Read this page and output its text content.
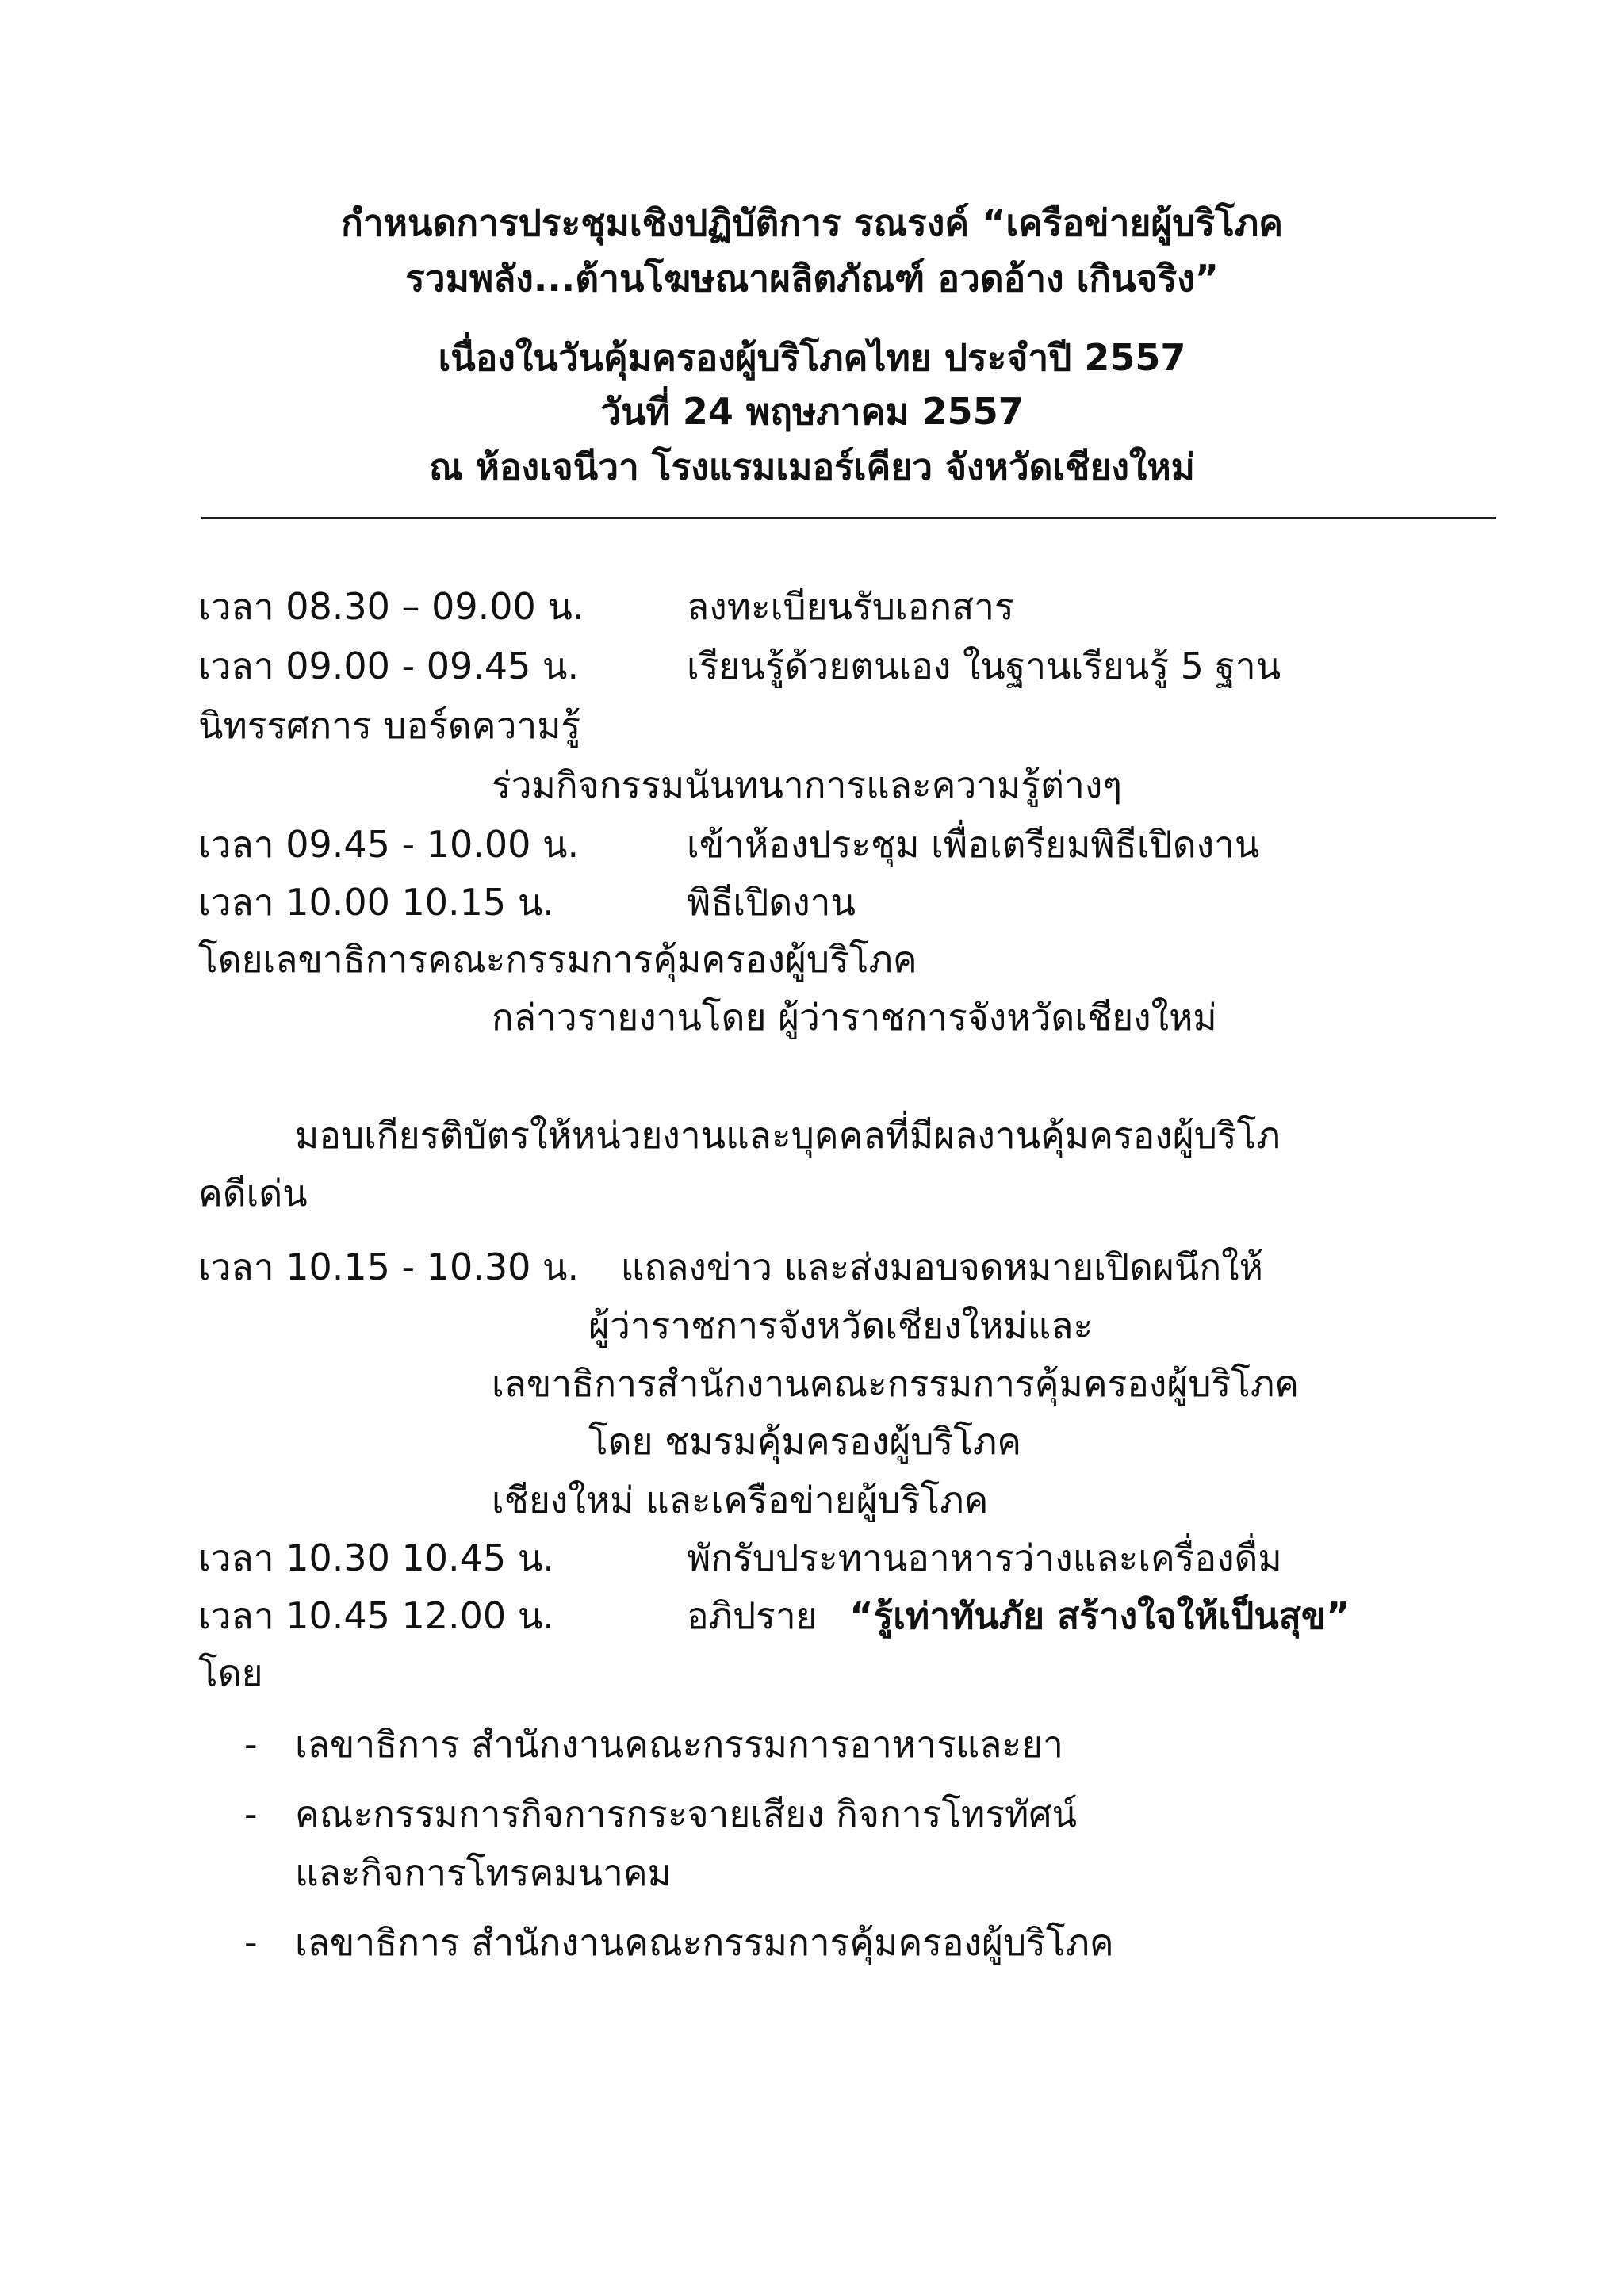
กำหนดการประชุมเชิงปฏิบัติการ รณรงค์ “เครือข่ายผู้บริโภค
รวมพลัง...ต้านโฆษณาผลิตภัณฑ์ อวดอ้าง เกินจริง”
เนื่องในวันคุ้มครองผู้บริโภคไทย ประจำปี 2557
วันที่ 24 พฤษภาคม 2557
ณ ห้องเจนีวา โรงแรมเมอร์เคียว จังหวัดเชียงใหม่
เวลา 08.30 – 09.00 น.	ลงทะเบียนรับเอกสาร
เวลา 09.00 - 09.45 น.	เรียนรู้ด้วยตนเอง ในฐานเรียนรู้ 5 ฐาน
นิทรรศการ บอร์ดความรู้
ร่วมกิจกรรมนันทนาการและความรู้ต่างๆ
เวลา 09.45 - 10.00 น.	เข้าห้องประชุม เพื่อเตรียมพิธีเปิดงาน
เวลา 10.00 10.15 น.	พิธีเปิดงาน
โดยเลขาธิการคณะกรรมการคุ้มครองผู้บริโภค
กล่าวรายงานโดย ผู้ว่าราชการจังหวัดเชียงใหม่
มอบเกียรติบัตรให้หน่วยงานและบุคคลที่มีผลงานคุ้มครองผู้บริโภ
คดีเด่น
เวลา 10.15 - 10.30 น. แถลงข่าว และส่งมอบจดหมายเปิดผนึกให้
ผู้ว่าราชการจังหวัดเชียงใหม่และ
เลขาธิการสำนักงานคณะกรรมการคุ้มครองผู้บริโภค
โดย ชมรมคุ้มครองผู้บริโภค
เชียงใหม่ และเครือข่ายผู้บริโภค
เวลา 10.30 10.45 น.	พักรับประทานอาหารว่างและเครื่องดื่ม
เวลา 10.45 12.00 น.	อภิปราย “รู้เท่าทันภัย สร้างใจให้เป็นสุข”
โดย
- เลขาธิการ สำนักงานคณะกรรมการอาหารและยา
- คณะกรรมการกิจการกระจายเสียง กิจการโทรทัศน์
และกิจการโทรคมนาคม
- เลขาธิการ สำนักงานคณะกรรมการคุ้มครองผู้บริโภค
